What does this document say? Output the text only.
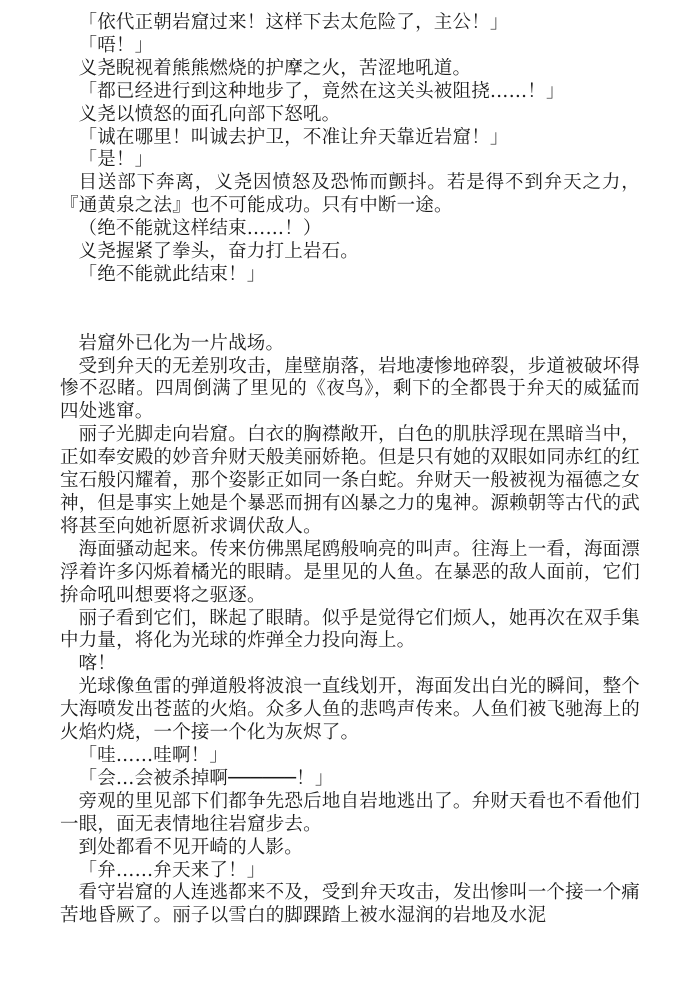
「依代正朝岩窟过来！这样下去太危险了，主公！」

「唔！」

义尧睨视着熊熊燃烧的护摩之火，苦涩地吼道。

「都已经进行到这种地步了，竟然在这关头被阻挠……！」

义尧以愤怒的面孔向部下怒吼。

「诚在哪里！叫诚去护卫，不准让弁天靠近岩窟！」

「是！」

目送部下奔离，义尧因愤怒及恐怖而颤抖。若是得不到弁天之力，『通黄泉之法』也不可能成功。只有中断一途。

（绝不能就这样结束……！）

义尧握紧了拳头，奋力打上岩石。

「绝不能就此结束！」

岩窟外已化为一片战场。

受到弁天的无差别攻击，崖壁崩落，岩地凄惨地碎裂，步道被破坏得惨不忍睹。四周倒满了里见的《夜鸟》，剩下的全都畏于弁天的威猛而四处逃窜。

丽子光脚走向岩窟。白衣的胸襟敞开，白色的肌肤浮现在黑暗当中，正如奉安殿的妙音弁财天般美丽娇艳。但是只有她的双眼如同赤红的红宝石般闪耀着，那个姿影正如同一条白蛇。弁财天一般被视为福德之女神，但是事实上她是个暴恶而拥有凶暴之力的鬼神。源赖朝等古代的武将甚至向她祈愿祈求调伏敌人。

海面骚动起来。传来仿佛黑尾鸥般响亮的叫声。往海上一看，海面漂浮着许多闪烁着橘光的眼睛。是里见的人鱼。在暴恶的敌人面前，它们拚命吼叫想要将之驱逐。

丽子看到它们，眯起了眼睛。似乎是觉得它们烦人，她再次在双手集中力量，将化为光球的炸弹全力投向海上。

喀！

光球像鱼雷的弹道般将波浪一直线划开，海面发出白光的瞬间，整个大海喷发出苍蓝的火焰。众多人鱼的悲鸣声传来。人鱼们被飞驰海上的火焰灼烧，一个接一个化为灰烬了。

「哇……哇啊！」

「会…会被杀掉啊──────！」

旁观的里见部下们都争先恐后地自岩地逃出了。弁财天看也不看他们一眼，面无表情地往岩窟步去。

到处都看不见开崎的人影。

「弁……弁天来了！」

看守岩窟的人连逃都来不及，受到弁天攻击，发出惨叫一个接一个痛苦地昏厥了。丽子以雪白的脚踝踏上被水湿润的岩地及水泥
